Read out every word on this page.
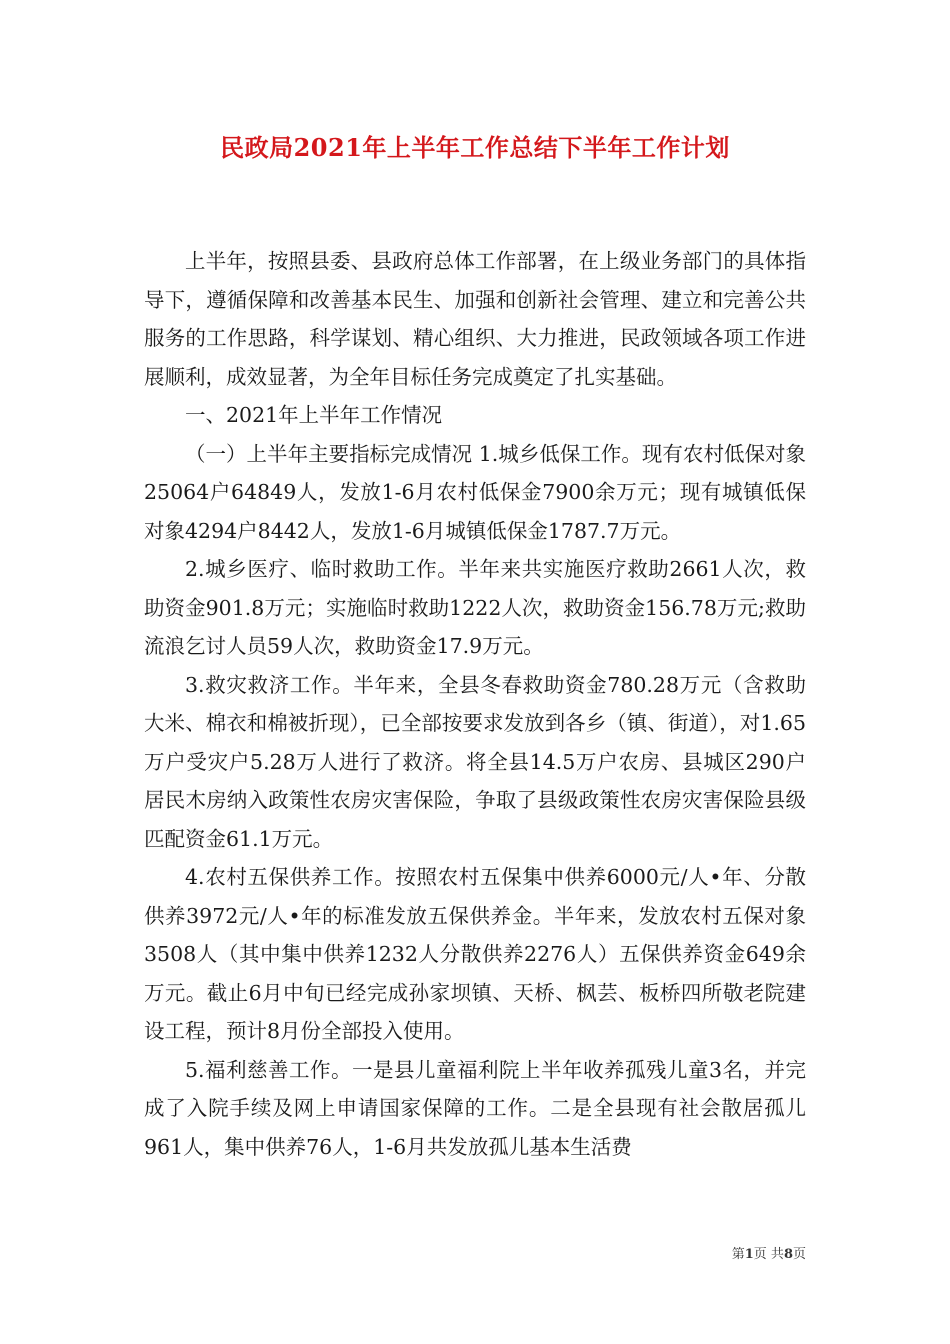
民政局2021年上半年工作总结下半年工作计划

上半年，按照县委、县政府总体工作部署，在上级业务部门的具体指导下，遵循保障和改善基本民生、加强和创新社会管理、建立和完善公共服务的工作思路，科学谋划、精心组织、大力推进，民政领域各项工作进展顺利，成效显著，为全年目标任务完成奠定了扎实基础。

一、2021年上半年工作情况

（一）上半年主要指标完成情况 1.城乡低保工作。现有农村低保对象25064户64849人，发放1-6月农村低保金7900余万元；现有城镇低保对象4294户8442人，发放1-6月城镇低保金1787.7万元。

2.城乡医疗、临时救助工作。半年来共实施医疗救助2661人次，救助资金901.8万元；实施临时救助1222人次，救助资金156.78万元;救助流浪乞讨人员59人次，救助资金17.9万元。

3.救灾救济工作。半年来，全县冬春救助资金780.28万元（含救助大米、棉衣和棉被折现），已全部按要求发放到各乡（镇、街道），对1.65万户受灾户5.28万人进行了救济。将全县14.5万户农房、县城区290户居民木房纳入政策性农房灾害保险，争取了县级政策性农房灾害保险县级匹配资金61.1万元。

4.农村五保供养工作。按照农村五保集中供养6000元/人•年、分散供养3972元/人•年的标准发放五保供养金。半年来，发放农村五保对象3508人（其中集中供养1232人分散供养2276人）五保供养资金649余万元。截止6月中旬已经完成孙家坝镇、天桥、枫芸、板桥四所敬老院建设工程，预计8月份全部投入使用。

5.福利慈善工作。一是县儿童福利院上半年收养孤残儿童3名，并完成了入院手续及网上申请国家保障的工作。二是全县现有社会散居孤儿961人，集中供养76人，1-6月共发放孤儿基本生活费

第1页 共8页
